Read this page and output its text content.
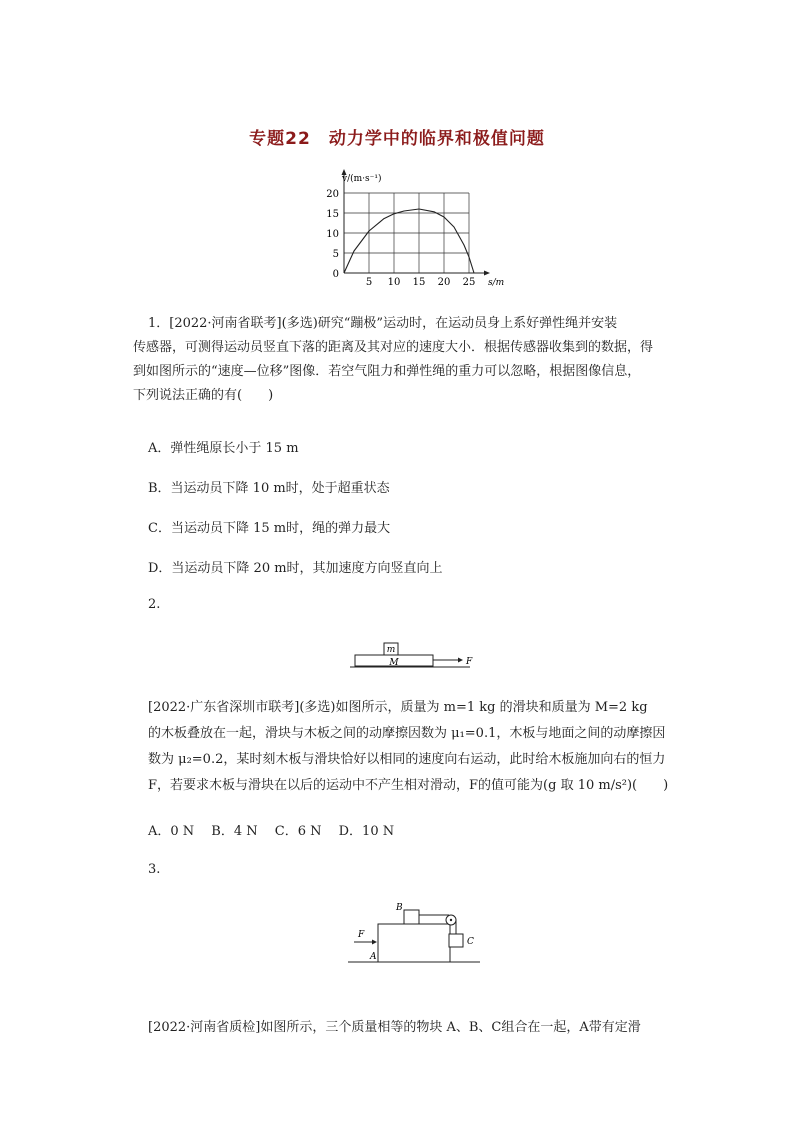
专题22　动力学中的临界和极值问题
v/(m·s⁻¹)
s/m
5 10 15 20 25
20
15
10
5
0
1．[2022·河南省联考](多选)研究“蹦极”运动时，在运动员身上系好弹性绳并安装
传感器，可测得运动员竖直下落的距离及其对应的速度大小．根据传感器收集到的数据，得
到如图所示的“速度—位移”图像．若空气阻力和弹性绳的重力可以忽略，根据图像信息，
下列说法正确的有(　　)
A．弹性绳原长小于 15 m
B．当运动员下降 10 m时，处于超重状态
C．当运动员下降 15 m时，绳的弹力最大
D．当运动员下降 20 m时，其加速度方向竖直向上
2.
m
M	F
[2022·广东省深圳市联考](多选)如图所示，质量为 m=1 kg 的滑块和质量为 M=2 kg
的木板叠放在一起，滑块与木板之间的动摩擦因数为 μ₁=0.1，木板与地面之间的动摩擦因
数为 μ₂=0.2，某时刻木板与滑块恰好以相同的速度向右运动，此时给木板施加向右的恒力
F，若要求木板与滑块在以后的运动中不产生相对滑动，F的值可能为(g 取 10 m/s²)(　　)
A．0 N　 B．4 N　 C．6 N　 D．10 N
3.
B
C
A
F
[2022·河南省质检]如图所示，三个质量相等的物块 A、B、C组合在一起，A带有定滑
